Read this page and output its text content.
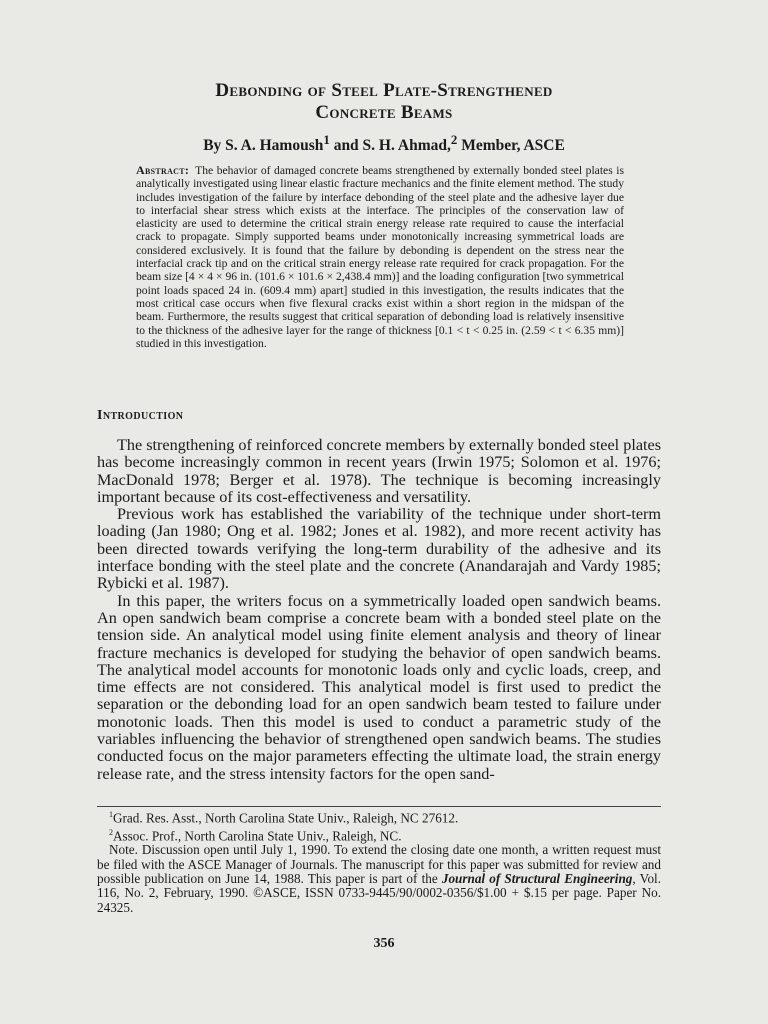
Debonding of Steel Plate-Strengthened
Concrete Beams
By S. A. Hamoush$^1$ and S. H. Ahmad,$^2$ Member, ASCE
Abstract: The behavior of damaged concrete beams strengthened by externally bonded steel plates is analytically investigated using linear elastic fracture mechanics and the finite element method. The study includes investigation of the failure by interface debonding of the steel plate and the adhesive layer due to interfacial shear stress which exists at the interface. The principles of the conservation law of elasticity are used to determine the critical strain energy release rate required to cause the interfacial crack to propagate. Simply supported beams under monotonically increasing symmetrical loads are considered exclusively. It is found that the failure by debonding is dependent on the stress near the interfacial crack tip and on the critical strain energy release rate required for crack propagation. For the beam size [4 × 4 × 96 in. (101.6 × 101.6 × 2,438.4 mm)] and the loading configuration [two symmetrical point loads spaced 24 in. (609.4 mm) apart] studied in this investigation, the results indicates that the most critical case occurs when five flexural cracks exist within a short region in the midspan of the beam. Furthermore, the results suggest that critical separation of debonding load is relatively insensitive to the thickness of the adhesive layer for the range of thickness [0.1 < t < 0.25 in. (2.59 < t < 6.35 mm)] studied in this investigation.
Introduction

The strengthening of reinforced concrete members by externally bonded steel plates has become increasingly common in recent years (Irwin 1975; Solomon et al. 1976; MacDonald 1978; Berger et al. 1978). The technique is becoming increasingly important because of its cost-effectiveness and versatility.

Previous work has established the variability of the technique under short-term loading (Jan 1980; Ong et al. 1982; Jones et al. 1982), and more recent activity has been directed towards verifying the long-term durability of the adhesive and its interface bonding with the steel plate and the concrete (Anandarajah and Vardy 1985; Rybicki et al. 1987).

In this paper, the writers focus on a symmetrically loaded open sandwich beams. An open sandwich beam comprise a concrete beam with a bonded steel plate on the tension side. An analytical model using finite element analysis and theory of linear fracture mechanics is developed for studying the behavior of open sandwich beams. The analytical model accounts for monotonic loads only and cyclic loads, creep, and time effects are not considered. This analytical model is first used to predict the separation or the debonding load for an open sandwich beam tested to failure under monotonic loads. Then this model is used to conduct a parametric study of the variables influencing the behavior of strengthened open sandwich beams. The studies conducted focus on the major parameters effecting the ultimate load, the strain energy release rate, and the stress intensity factors for the open sand-

$^1$Grad. Res. Asst., North Carolina State Univ., Raleigh, NC 27612.

$^2$Assoc. Prof., North Carolina State Univ., Raleigh, NC.

Note. Discussion open until July 1, 1990. To extend the closing date one month, a written request must be filed with the ASCE Manager of Journals. The manuscript for this paper was submitted for review and possible publication on June 14, 1988. This paper is part of the Journal of Structural Engineering, Vol. 116, No. 2, February, 1990. ©ASCE, ISSN 0733-9445/90/0002-0356/$1.00 + $.15 per page. Paper No. 24325.

356
